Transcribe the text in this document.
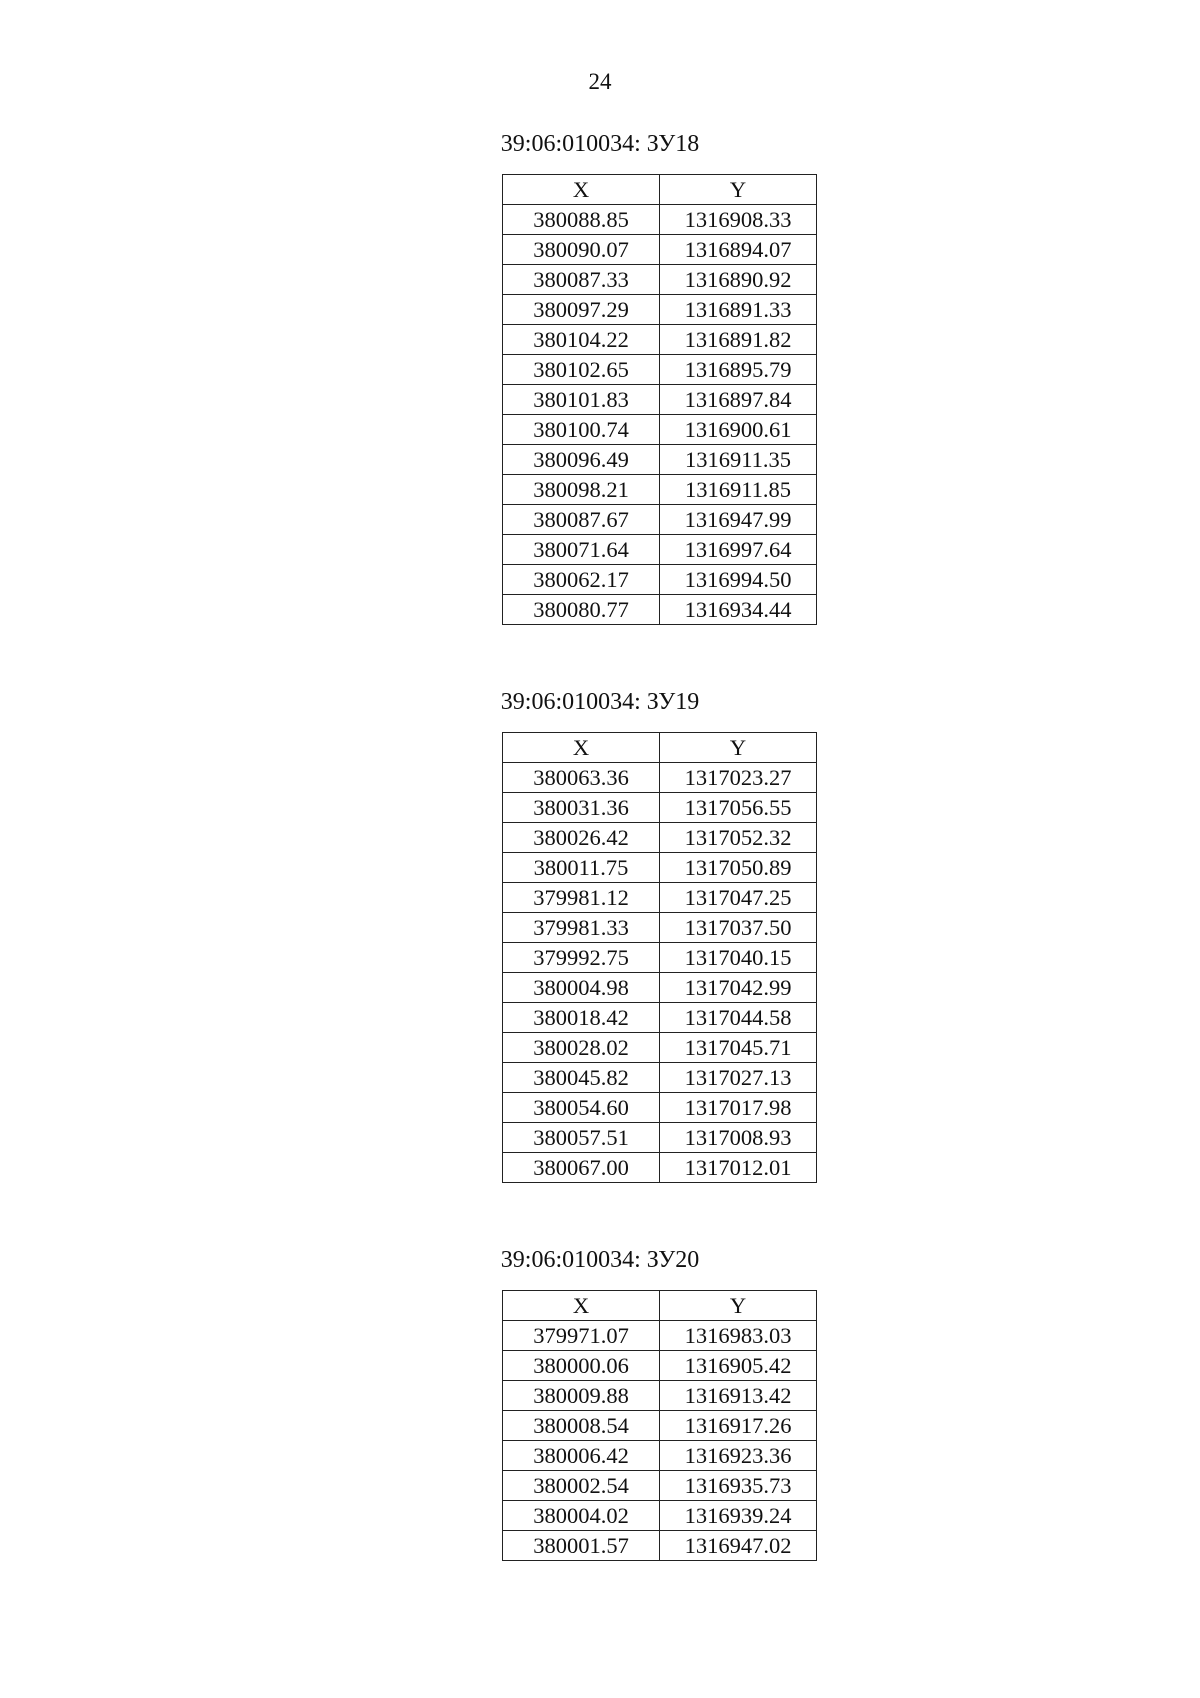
24
39:06:010034: ЗУ18
X	Y
380088.85	1316908.33
380090.07	1316894.07
380087.33	1316890.92
380097.29	1316891.33
380104.22	1316891.82
380102.65	1316895.79
380101.83	1316897.84
380100.74	1316900.61
380096.49	1316911.35
380098.21	1316911.85
380087.67	1316947.99
380071.64	1316997.64
380062.17	1316994.50
380080.77	1316934.44
39:06:010034: ЗУ19
X	Y
380063.36	1317023.27
380031.36	1317056.55
380026.42	1317052.32
380011.75	1317050.89
379981.12	1317047.25
379981.33	1317037.50
379992.75	1317040.15
380004.98	1317042.99
380018.42	1317044.58
380028.02	1317045.71
380045.82	1317027.13
380054.60	1317017.98
380057.51	1317008.93
380067.00	1317012.01
39:06:010034: ЗУ20
X	Y
379971.07	1316983.03
380000.06	1316905.42
380009.88	1316913.42
380008.54	1316917.26
380006.42	1316923.36
380002.54	1316935.73
380004.02	1316939.24
380001.57	1316947.02
